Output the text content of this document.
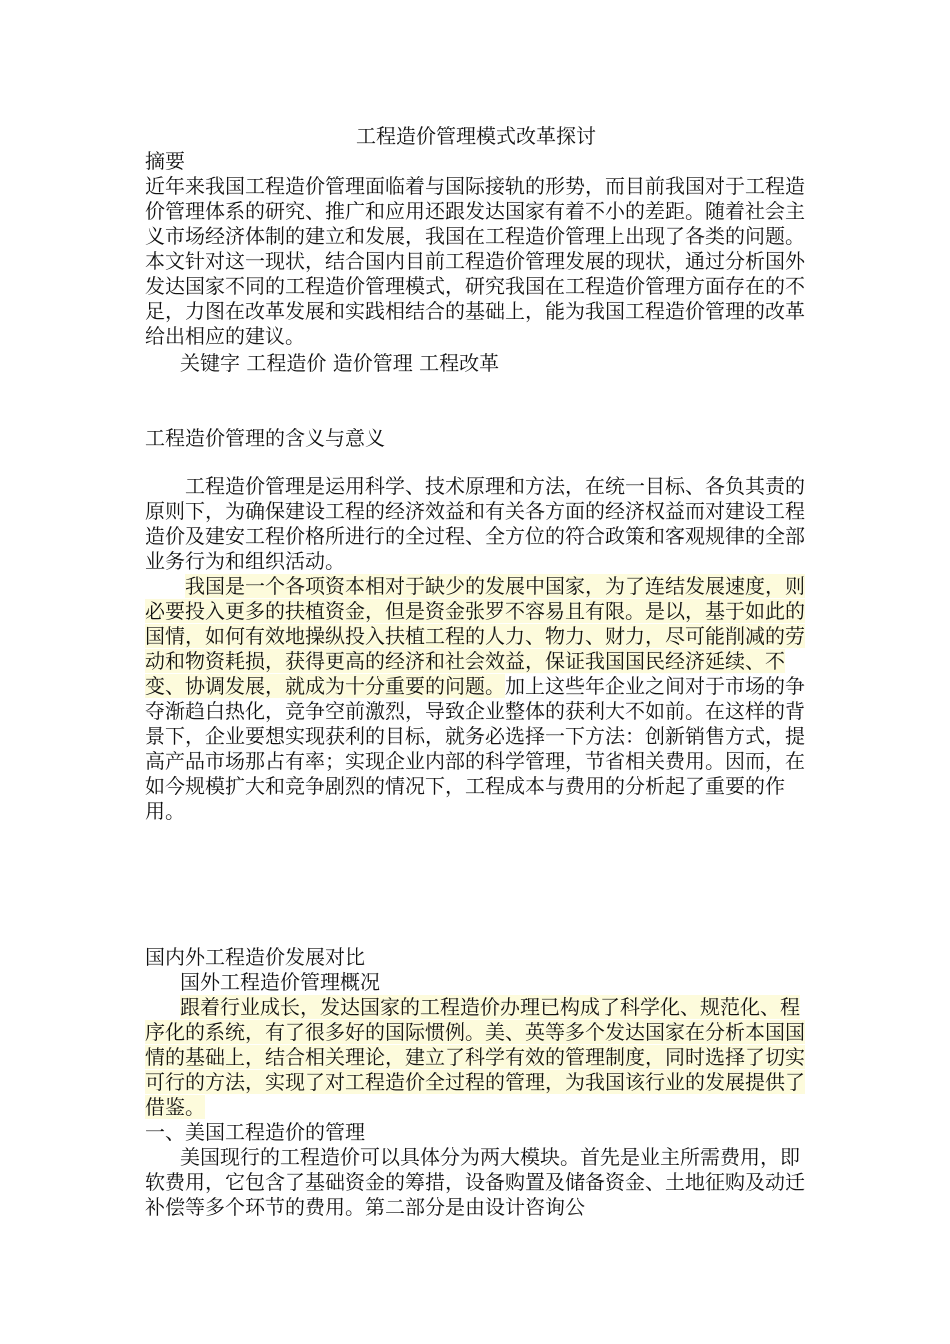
工程造价管理模式改革探讨

摘要

近年来我国工程造价管理面临着与国际接轨的形势，而目前我国对于工程造价管理体系的研究、推广和应用还跟发达国家有着不小的差距。随着社会主义市场经济体制的建立和发展，我国在工程造价管理上出现了各类的问题。本文针对这一现状，结合国内目前工程造价管理发展的现状，通过分析国外发达国家不同的工程造价管理模式，研究我国在工程造价管理方面存在的不足，力图在改革发展和实践相结合的基础上，能为我国工程造价管理的改革给出相应的建议。

关键字 工程造价 造价管理 工程改革

工程造价管理的含义与意义

工程造价管理是运用科学、技术原理和方法，在统一目标、各负其责的原则下，为确保建设工程的经济效益和有关各方面的经济权益而对建设工程造价及建安工程价格所进行的全过程、全方位的符合政策和客观规律的全部业务行为和组织活动。

我国是一个各项资本相对于缺少的发展中国家，为了连结发展速度，则必要投入更多的扶植资金，但是资金张罗不容易且有限。是以，基于如此的国情，如何有效地操纵投入扶植工程的人力、物力、财力，尽可能削减的劳动和物资耗损，获得更高的经济和社会效益，保证我国国民经济延续、不变、协调发展，就成为十分重要的问题。加上这些年企业之间对于市场的争夺渐趋白热化，竞争空前激烈，导致企业整体的获利大不如前。在这样的背景下，企业要想实现获利的目标，就务必选择一下方法：创新销售方式，提高产品市场那占有率；实现企业内部的科学管理，节省相关费用。因而，在如今规模扩大和竞争剧烈的情况下，工程成本与费用的分析起了重要的作用。

国内外工程造价发展对比

国外工程造价管理概况

跟着行业成长，发达国家的工程造价办理已构成了科学化、规范化、程序化的系统，有了很多好的国际惯例。美、英等多个发达国家在分析本国国情的基础上，结合相关理论，建立了科学有效的管理制度，同时选择了切实可行的方法，实现了对工程造价全过程的管理，为我国该行业的发展提供了借鉴。

一、美国工程造价的管理

美国现行的工程造价可以具体分为两大模块。首先是业主所需费用，即软费用，它包含了基础资金的筹措，设备购置及储备资金、土地征购及动迁补偿等多个环节的费用。第二部分是由设计咨询公
